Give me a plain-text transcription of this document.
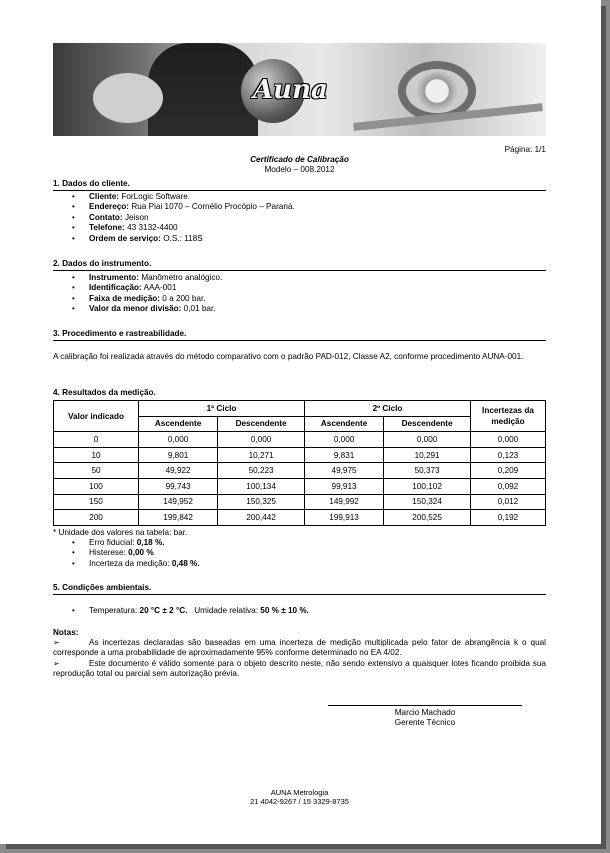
Auna
Página: 1/1
Certificado de Calibração
Modelo – 008.2012
1. Dados do cliente.
• Cliente: ForLogic Software.
• Endereço: Rua Piai 1070 – Cornélio Procópio – Paraná.
• Contato: Jeison
• Telefone: 43 3132-4400
• Ordem de serviço: O.S.: 118S
2. Dados do instrumento.
• Instrumento: Manômetro analógico.
• Identificação: AAA-001
• Faixa de medição: 0 a 200 bar.
• Valor da menor divisão: 0,01 bar.
3. Procedimento e rastreabilidade.
A calibração foi realizada através do método comparativo com o padrão PAD-012, Classe A2, conforme procedimento AUNA-001.
4. Resultados da medição.
Valor indicado	1º Ciclo		2º Ciclo		Incertezas da medição
	Ascendente	Descendente	Ascendente	Descendente	
0	0,000	0,000	0,000	0,000	0,000
10	9,801	10,271	9,831	10,291	0,123
50	49,922	50,223	49,975	50,373	0,209
100	99,743	100,134	99,913	100,102	0,092
150	149,952	150,325	149,992	150,324	0,012
200	199,842	200,442	199,913	200,525	0,192
* Unidade dos valores na tabela: bar.
• Erro fiducial: 0,18 %.
• Histerese: 0,00 %
• Incerteza da medição: 0,48 %.
5. Condições ambientais.
• Temperatura: 20 °C ± 2 °C. Umidade relativa: 50 % ± 10 %.
Notas:
➢	As incertezas declaradas são baseadas em uma incerteza de medição multiplicada pelo fator de abrangência k o qual corresponde a uma probabilidade de aproximadamente 95% conforme determinado no EA 4/02.
➢	Este documento é válido somente para o objeto descrito neste, não sendo extensivo a quaisquer lotes ficando proibida sua reprodução total ou parcial sem autorização prévia.
Marcio Machado
Gerente Técnico
AUNA Metrologia
21 4042-9267 / 15 3329-8735
